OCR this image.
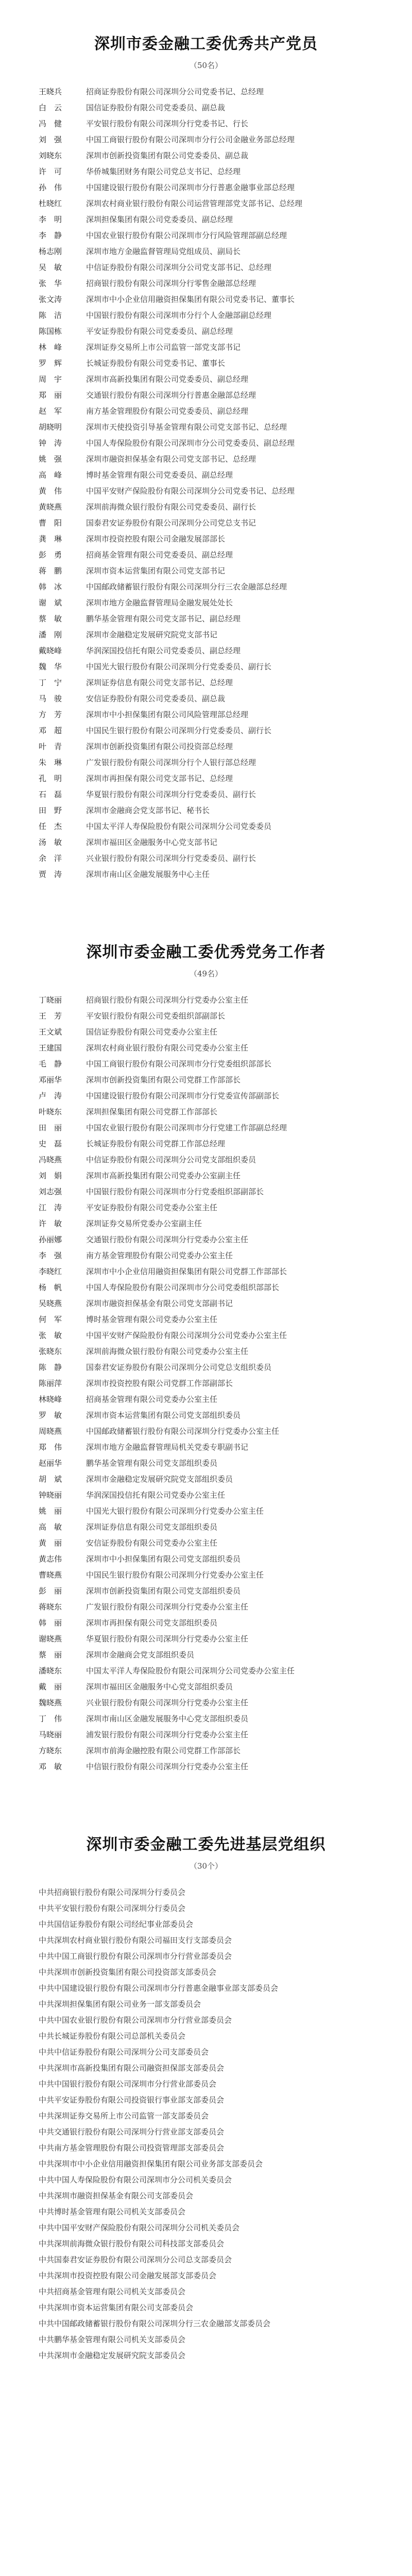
深圳市委金融工委优秀共产党员
（50名）
王晓兵	招商证券股份有限公司深圳分公司党委书记、总经理
白　云	国信证券股份有限公司党委委员、副总裁
冯　健	平安银行股份有限公司深圳分行党委书记、行长
刘　强	中国工商银行股份有限公司深圳市分行公司金融业务部总经理
刘晓东	深圳市创新投资集团有限公司党委委员、副总裁
许　可	华侨城集团财务有限公司党总支书记、总经理
孙　伟	中国建设银行股份有限公司深圳市分行普惠金融事业部总经理
杜晓红	深圳农村商业银行股份有限公司运营管理部党支部书记、总经理
李　明	深圳担保集团有限公司党委委员、副总经理
李　静	中国农业银行股份有限公司深圳市分行风险管理部副总经理
杨志刚	深圳市地方金融监督管理局党组成员、副局长
吴　敏	中信证券股份有限公司深圳分公司党支部书记、总经理
张　华	招商银行股份有限公司深圳分行零售金融部总经理
张文涛	深圳市中小企业信用融资担保集团有限公司党委书记、董事长
陈　洁	中国银行股份有限公司深圳市分行个人金融部副总经理
陈国栋	平安证券股份有限公司党委委员、副总经理
林　峰	深圳证券交易所上市公司监管一部党支部书记
罗　辉	长城证券股份有限公司党委书记、董事长
周　宇	深圳市高新投集团有限公司党委委员、副总经理
郑　丽	交通银行股份有限公司深圳分行普惠金融部总经理
赵　军	南方基金管理股份有限公司党委委员、副总经理
胡晓明	深圳市天使投资引导基金管理有限公司党支部书记、总经理
钟　涛	中国人寿保险股份有限公司深圳市分公司党委委员、副总经理
姚　强	深圳市融资担保基金有限公司党支部书记、总经理
高　峰	博时基金管理有限公司党委委员、副总经理
黄　伟	中国平安财产保险股份有限公司深圳分公司党委书记、总经理
黄晓燕	深圳前海微众银行股份有限公司党委委员、副行长
曹　阳	国泰君安证券股份有限公司深圳分公司党总支书记
龚　琳	深圳市投资控股有限公司金融发展部部长
彭　勇	招商基金管理有限公司党委委员、副总经理
蒋　鹏	深圳市资本运营集团有限公司党支部书记
韩　冰	中国邮政储蓄银行股份有限公司深圳分行三农金融部总经理
谢　斌	深圳市地方金融监督管理局金融发展处处长
蔡　敏	鹏华基金管理有限公司党支部书记、副总经理
潘　刚	深圳市金融稳定发展研究院党支部书记
戴晓峰	华润深国投信托有限公司党委委员、副总经理
魏　华	中国光大银行股份有限公司深圳分行党委委员、副行长
丁　宁	深圳证券信息有限公司党支部书记、总经理
马　骏	安信证券股份有限公司党委委员、副总裁
方　芳	深圳市中小担保集团有限公司风险管理部总经理
邓　超	中国民生银行股份有限公司深圳分行党委委员、副行长
叶　青	深圳市创新投资集团有限公司投资部总经理
朱　琳	广发银行股份有限公司深圳分行个人银行部总经理
孔　明	深圳市再担保有限公司党支部书记、总经理
石　磊	华夏银行股份有限公司深圳分行党委委员、副行长
田　野	深圳市金融商会党支部书记、秘书长
任　杰	中国太平洋人寿保险股份有限公司深圳分公司党委委员
汤　敏	深圳市福田区金融服务中心党支部书记
余　洋	兴业银行股份有限公司深圳分行党委委员、副行长
贾　涛	深圳市南山区金融发展服务中心主任
深圳市委金融工委优秀党务工作者
（49名）
丁晓丽	招商银行股份有限公司深圳分行党委办公室主任
王　芳	平安银行股份有限公司党委组织部副部长
王文斌	国信证券股份有限公司党委办公室主任
王建国	深圳农村商业银行股份有限公司党委办公室主任
毛　静	中国工商银行股份有限公司深圳市分行党委组织部部长
邓丽华	深圳市创新投资集团有限公司党群工作部部长
卢　涛	中国建设银行股份有限公司深圳市分行党委宣传部副部长
叶晓东	深圳担保集团有限公司党群工作部部长
田　丽	中国农业银行股份有限公司深圳市分行党建工作部副总经理
史　磊	长城证券股份有限公司党群工作部总经理
冯晓燕	中信证券股份有限公司深圳分公司党支部组织委员
刘　娟	深圳市高新投集团有限公司党委办公室副主任
刘志强	中国银行股份有限公司深圳市分行党委组织部副部长
江　涛	平安证券股份有限公司党委办公室主任
许　敏	深圳证券交易所党委办公室副主任
孙丽娜	交通银行股份有限公司深圳分行党委办公室主任
李　强	南方基金管理股份有限公司党委办公室主任
李晓红	深圳市中小企业信用融资担保集团有限公司党群工作部部长
杨　帆	中国人寿保险股份有限公司深圳市分公司党委组织部部长
吴晓燕	深圳市融资担保基金有限公司党支部副书记
何　军	博时基金管理有限公司党委办公室主任
张　敏	中国平安财产保险股份有限公司深圳分公司党委办公室主任
张晓东	深圳前海微众银行股份有限公司党委办公室主任
陈　静	国泰君安证券股份有限公司深圳分公司党总支组织委员
陈丽萍	深圳市投资控股有限公司党群工作部副部长
林晓峰	招商基金管理有限公司党委办公室主任
罗　敏	深圳市资本运营集团有限公司党支部组织委员
周晓燕	中国邮政储蓄银行股份有限公司深圳分行党委办公室主任
郑　伟	深圳市地方金融监督管理局机关党委专职副书记
赵丽华	鹏华基金管理有限公司党支部组织委员
胡　斌	深圳市金融稳定发展研究院党支部组织委员
钟晓丽	华润深国投信托有限公司党委办公室主任
姚　丽	中国光大银行股份有限公司深圳分行党委办公室主任
高　敏	深圳证券信息有限公司党支部组织委员
黄　丽	安信证券股份有限公司党委办公室主任
黄志伟	深圳市中小担保集团有限公司党支部组织委员
曹晓燕	中国民生银行股份有限公司深圳分行党委办公室主任
彭　丽	深圳市创新投资集团有限公司党支部组织委员
蒋晓东	广发银行股份有限公司深圳分行党委办公室主任
韩　丽	深圳市再担保有限公司党支部组织委员
谢晓燕	华夏银行股份有限公司深圳分行党委办公室主任
蔡　丽	深圳市金融商会党支部组织委员
潘晓东	中国太平洋人寿保险股份有限公司深圳分公司党委办公室主任
戴　丽	深圳市福田区金融服务中心党支部组织委员
魏晓燕	兴业银行股份有限公司深圳分行党委办公室主任
丁　伟	深圳市南山区金融发展服务中心党支部组织委员
马晓丽	浦发银行股份有限公司深圳分行党委办公室主任
方晓东	深圳市前海金融控股有限公司党群工作部部长
邓　敏	中信银行股份有限公司深圳分行党委办公室主任
深圳市委金融工委先进基层党组织
（30个）
中共招商银行股份有限公司深圳分行委员会
中共平安银行股份有限公司深圳分行委员会
中共国信证券股份有限公司经纪事业部委员会
中共深圳农村商业银行股份有限公司福田支行支部委员会
中共中国工商银行股份有限公司深圳市分行营业部委员会
中共深圳市创新投资集团有限公司投资部支部委员会
中共中国建设银行股份有限公司深圳市分行普惠金融事业部支部委员会
中共深圳担保集团有限公司业务一部支部委员会
中共中国农业银行股份有限公司深圳市分行营业部委员会
中共长城证券股份有限公司总部机关委员会
中共中信证券股份有限公司深圳分公司支部委员会
中共深圳市高新投集团有限公司融资担保部支部委员会
中共中国银行股份有限公司深圳市分行营业部委员会
中共平安证券股份有限公司投资银行事业部支部委员会
中共深圳证券交易所上市公司监管一部支部委员会
中共交通银行股份有限公司深圳分行营业部支部委员会
中共南方基金管理股份有限公司投资管理部支部委员会
中共深圳市中小企业信用融资担保集团有限公司业务部支部委员会
中共中国人寿保险股份有限公司深圳市分公司机关委员会
中共深圳市融资担保基金有限公司支部委员会
中共博时基金管理有限公司机关支部委员会
中共中国平安财产保险股份有限公司深圳分公司机关委员会
中共深圳前海微众银行股份有限公司科技部支部委员会
中共国泰君安证券股份有限公司深圳分公司总支部委员会
中共深圳市投资控股有限公司金融发展部支部委员会
中共招商基金管理有限公司机关支部委员会
中共深圳市资本运营集团有限公司支部委员会
中共中国邮政储蓄银行股份有限公司深圳分行三农金融部支部委员会
中共鹏华基金管理有限公司机关支部委员会
中共深圳市金融稳定发展研究院支部委员会
